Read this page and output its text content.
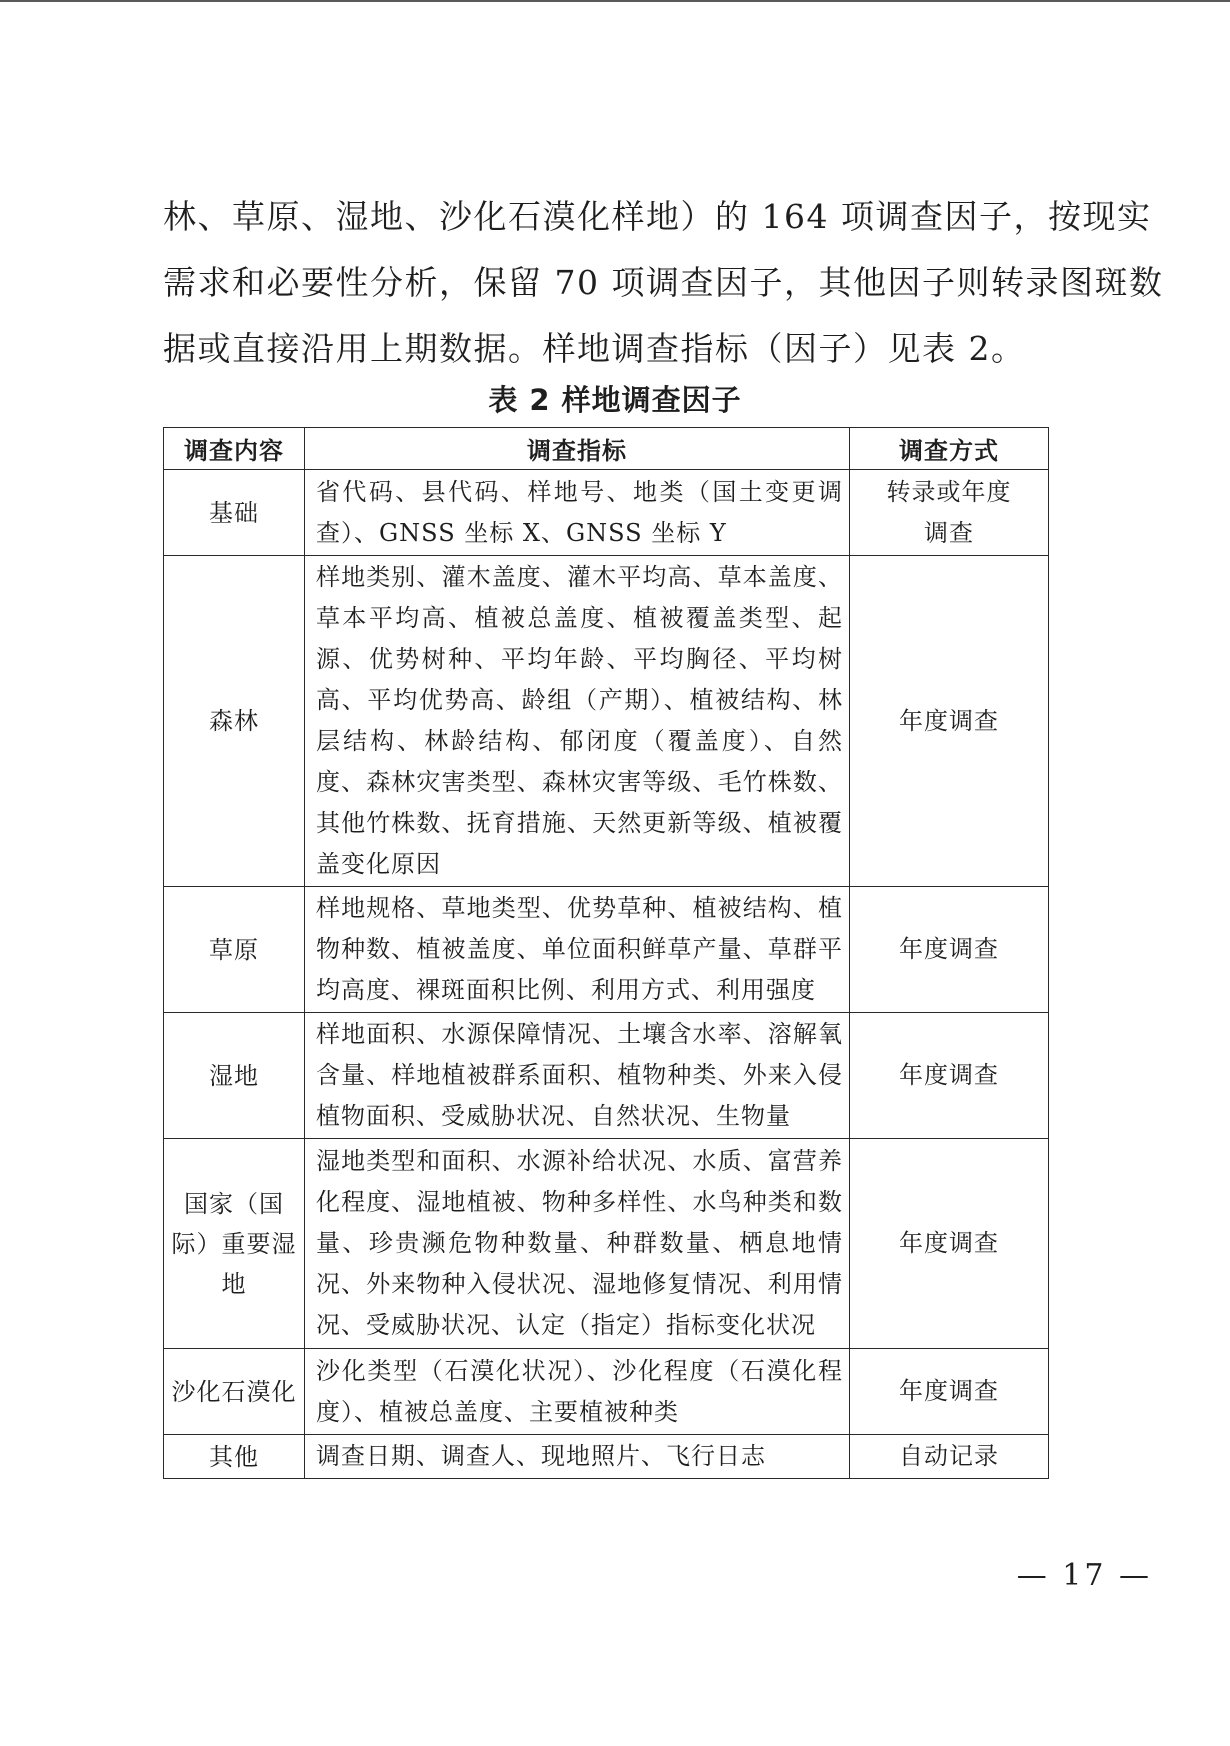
林、草原、湿地、沙化石漠化样地）的 164 项调查因子，按现实
需求和必要性分析，保留 70 项调查因子，其他因子则转录图斑数
据或直接沿用上期数据。样地调查指标（因子）见表 2。
表 2 样地调查因子
调查内容	调查指标	调查方式
基础	省代码、县代码、样地号、地类（国土变更调查）、GNSS 坐标 X、GNSS 坐标 Y	转录或年度调查
森林	样地类别、灌木盖度、灌木平均高、草本盖度、草本平均高、植被总盖度、植被覆盖类型、起源、优势树种、平均年龄、平均胸径、平均树高、平均优势高、龄组（产期）、植被结构、林层结构、林龄结构、郁闭度（覆盖度）、自然度、森林灾害类型、森林灾害等级、毛竹株数、其他竹株数、抚育措施、天然更新等级、植被覆盖变化原因	年度调查
草原	样地规格、草地类型、优势草种、植被结构、植物种数、植被盖度、单位面积鲜草产量、草群平均高度、裸斑面积比例、利用方式、利用强度	年度调查
湿地	样地面积、水源保障情况、土壤含水率、溶解氧含量、样地植被群系面积、植物种类、外来入侵植物面积、受威胁状况、自然状况、生物量	年度调查
国家（国际）重要湿地	湿地类型和面积、水源补给状况、水质、富营养化程度、湿地植被、物种多样性、水鸟种类和数量、珍贵濒危物种数量、种群数量、栖息地情况、外来物种入侵状况、湿地修复情况、利用情况、受威胁状况、认定（指定）指标变化状况	年度调查
沙化石漠化	沙化类型（石漠化状况）、沙化程度（石漠化程度）、植被总盖度、主要植被种类	年度调查
其他	调查日期、调查人、现地照片、飞行日志	自动记录
— 17 —
